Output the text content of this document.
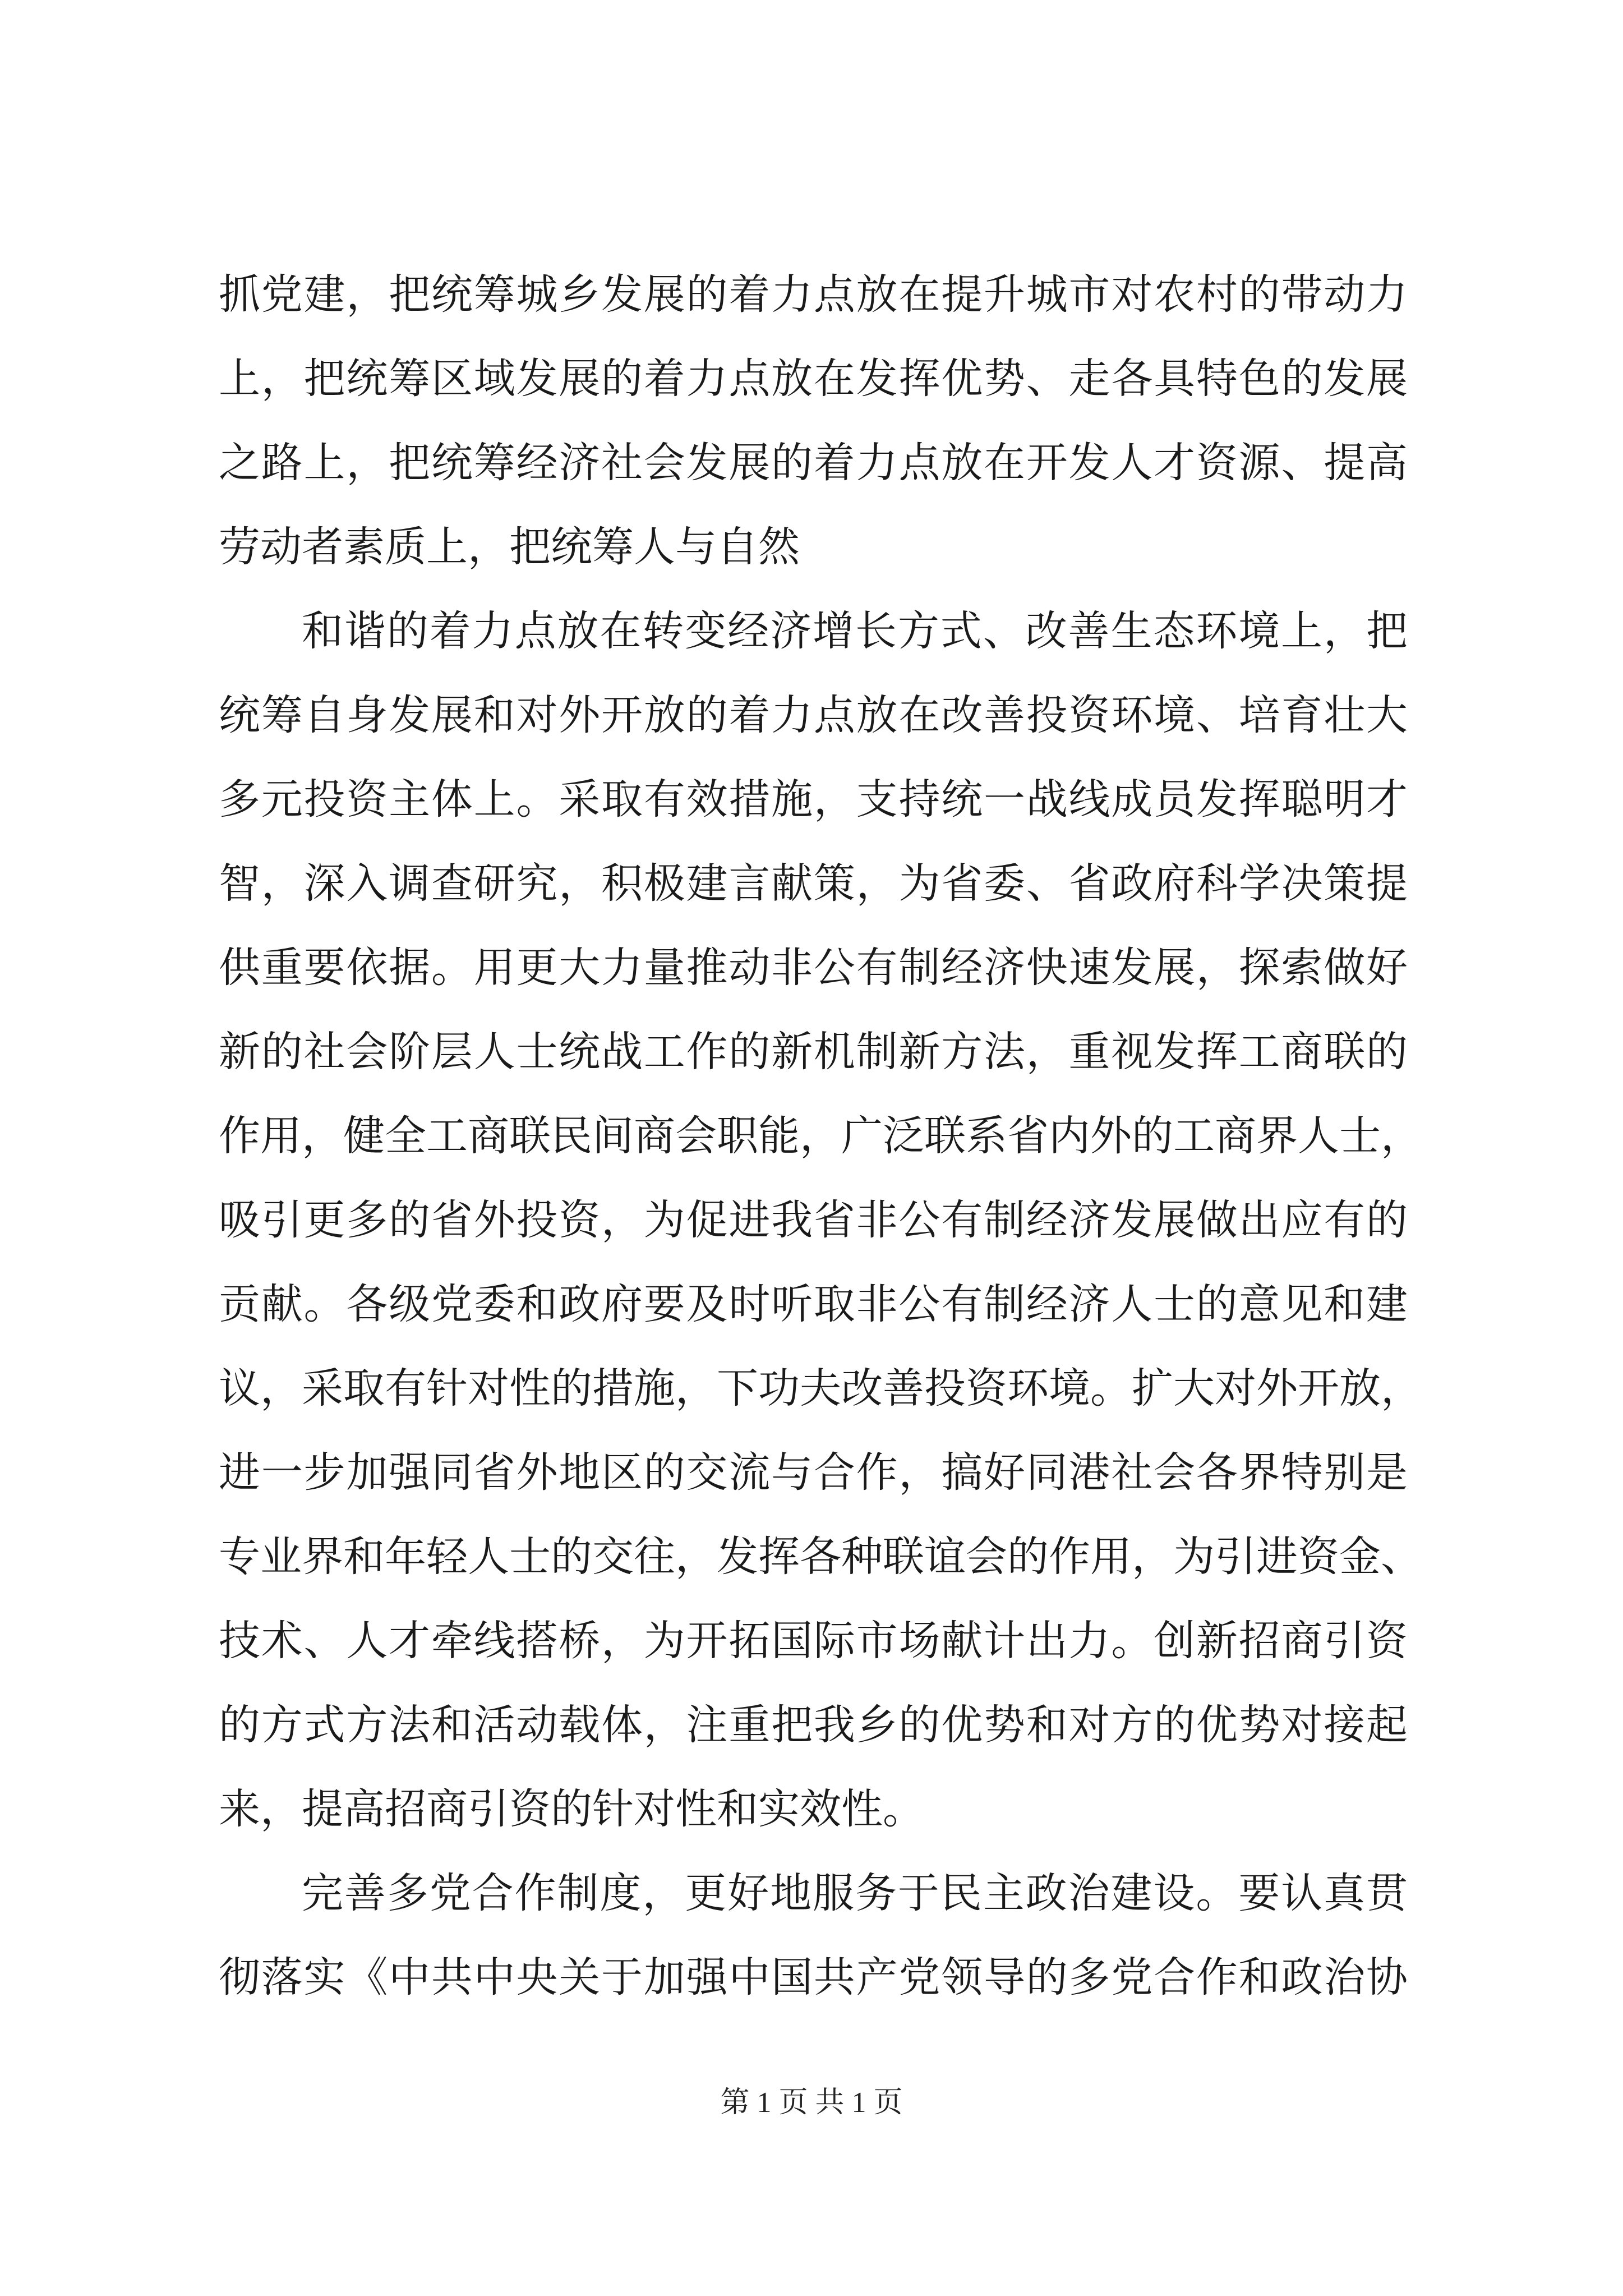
抓党建，把统筹城乡发展的着力点放在提升城市对农村的带动力
上，把统筹区域发展的着力点放在发挥优势、走各具特色的发展
之路上，把统筹经济社会发展的着力点放在开发人才资源、提高
劳动者素质上，把统筹人与自然
和谐的着力点放在转变经济增长方式、改善生态环境上，把
统筹自身发展和对外开放的着力点放在改善投资环境、培育壮大
多元投资主体上。采取有效措施，支持统一战线成员发挥聪明才
智，深入调查研究，积极建言献策，为省委、省政府科学决策提
供重要依据。用更大力量推动非公有制经济快速发展，探索做好
新的社会阶层人士统战工作的新机制新方法，重视发挥工商联的
作用，健全工商联民间商会职能，广泛联系省内外的工商界人士，
吸引更多的省外投资，为促进我省非公有制经济发展做出应有的
贡献。各级党委和政府要及时听取非公有制经济人士的意见和建
议，采取有针对性的措施，下功夫改善投资环境。扩大对外开放，
进一步加强同省外地区的交流与合作，搞好同港社会各界特别是
专业界和年轻人士的交往，发挥各种联谊会的作用，为引进资金、
技术、人才牵线搭桥，为开拓国际市场献计出力。创新招商引资
的方式方法和活动载体，注重把我乡的优势和对方的优势对接起
来，提高招商引资的针对性和实效性。
完善多党合作制度，更好地服务于民主政治建设。要认真贯
彻落实《中共中央关于加强中国共产党领导的多党合作和政治协
第 1 页 共 1 页
